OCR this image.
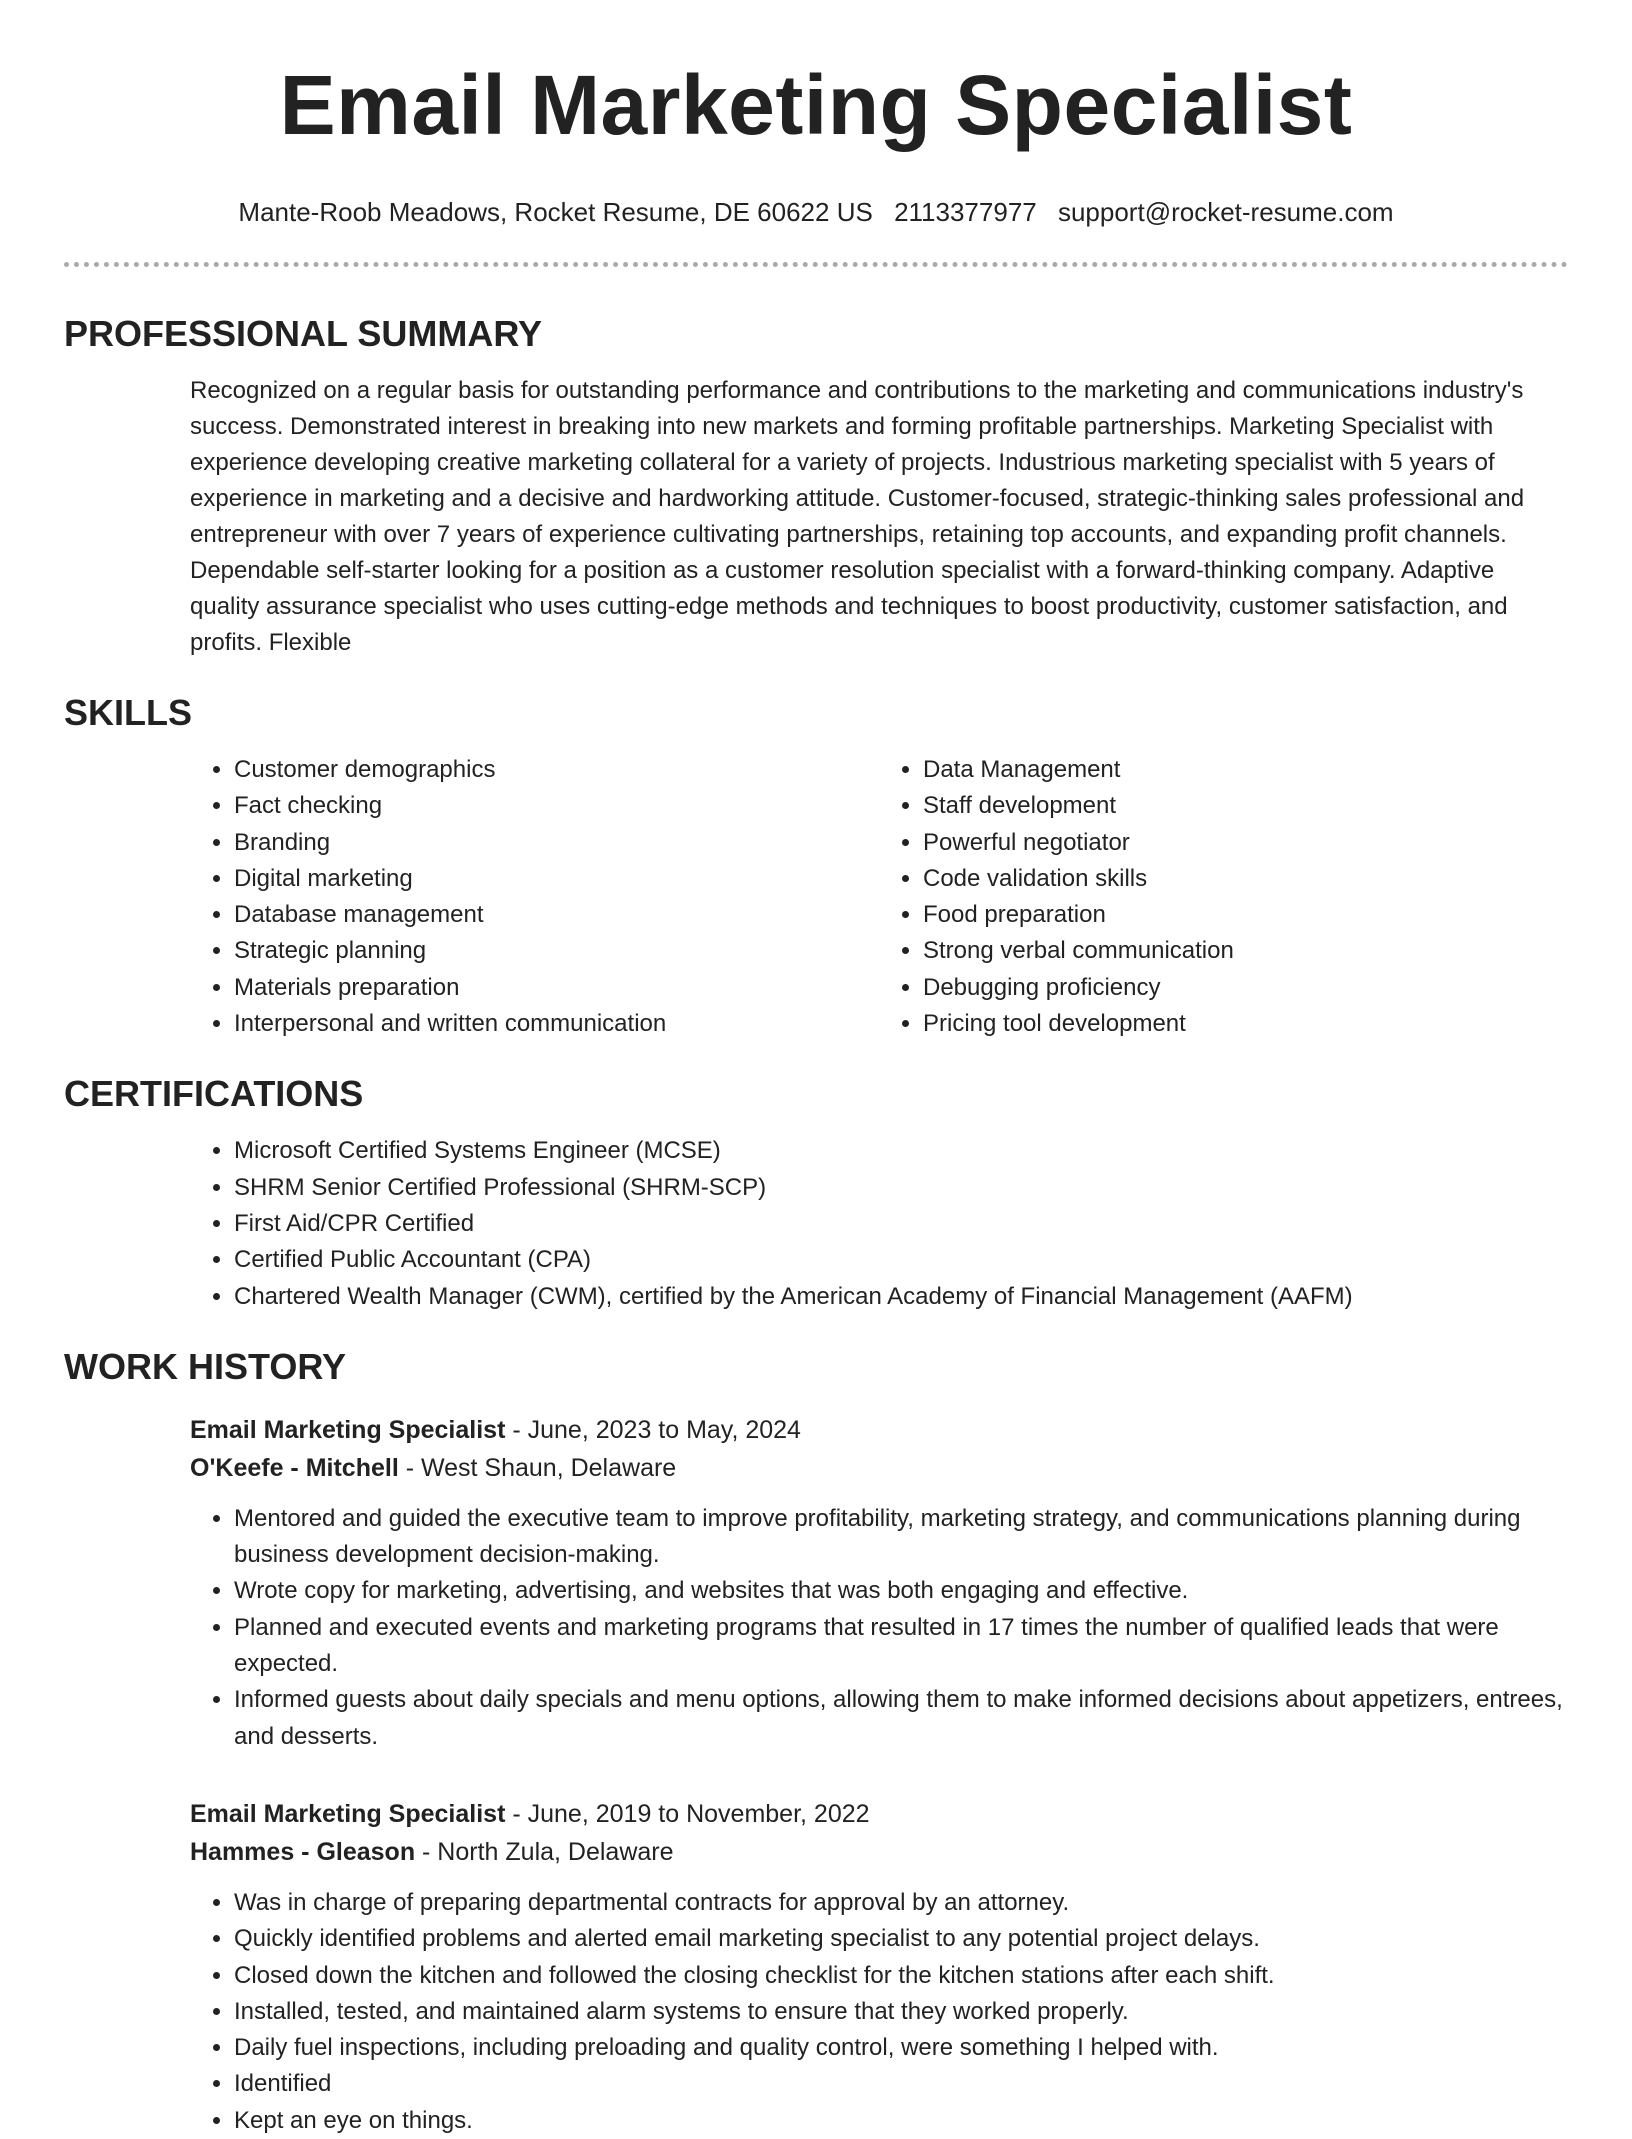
Email Marketing Specialist
Mante-Roob Meadows, Rocket Resume, DE 60622 US 2113377977 support@rocket-resume.com
PROFESSIONAL SUMMARY

Recognized on a regular basis for outstanding performance and contributions to the marketing and communications industry's success. Demonstrated interest in breaking into new markets and forming profitable partnerships. Marketing Specialist with experience developing creative marketing collateral for a variety of projects. Industrious marketing specialist with 5 years of experience in marketing and a decisive and hardworking attitude. Customer-focused, strategic-thinking sales professional and entrepreneur with over 7 years of experience cultivating partnerships, retaining top accounts, and expanding profit channels. Dependable self-starter looking for a position as a customer resolution specialist with a forward-thinking company. Adaptive quality assurance specialist who uses cutting-edge methods and techniques to boost productivity, customer satisfaction, and profits. Flexible

SKILLS
• Customer demographics
• Fact checking
• Branding
• Digital marketing
• Database management
• Strategic planning
• Materials preparation
• Interpersonal and written communication
• Data Management
• Staff development
• Powerful negotiator
• Code validation skills
• Food preparation
• Strong verbal communication
• Debugging proficiency
• Pricing tool development
CERTIFICATIONS
• Microsoft Certified Systems Engineer (MCSE)
• SHRM Senior Certified Professional (SHRM-SCP)
• First Aid/CPR Certified
• Certified Public Accountant (CPA)
• Chartered Wealth Manager (CWM), certified by the American Academy of Financial Management (AAFM)
WORK HISTORY
Email Marketing Specialist - June, 2023 to May, 2024
O'Keefe - Mitchell - West Shaun, Delaware
• Mentored and guided the executive team to improve profitability, marketing strategy, and communications planning during business development decision-making.
• Wrote copy for marketing, advertising, and websites that was both engaging and effective.
• Planned and executed events and marketing programs that resulted in 17 times the number of qualified leads that were expected.
• Informed guests about daily specials and menu options, allowing them to make informed decisions about appetizers, entrees, and desserts.
Email Marketing Specialist - June, 2019 to November, 2022
Hammes - Gleason - North Zula, Delaware
• Was in charge of preparing departmental contracts for approval by an attorney.
• Quickly identified problems and alerted email marketing specialist to any potential project delays.
• Closed down the kitchen and followed the closing checklist for the kitchen stations after each shift.
• Installed, tested, and maintained alarm systems to ensure that they worked properly.
• Daily fuel inspections, including preloading and quality control, were something I helped with.
• Identified
• Kept an eye on things.
